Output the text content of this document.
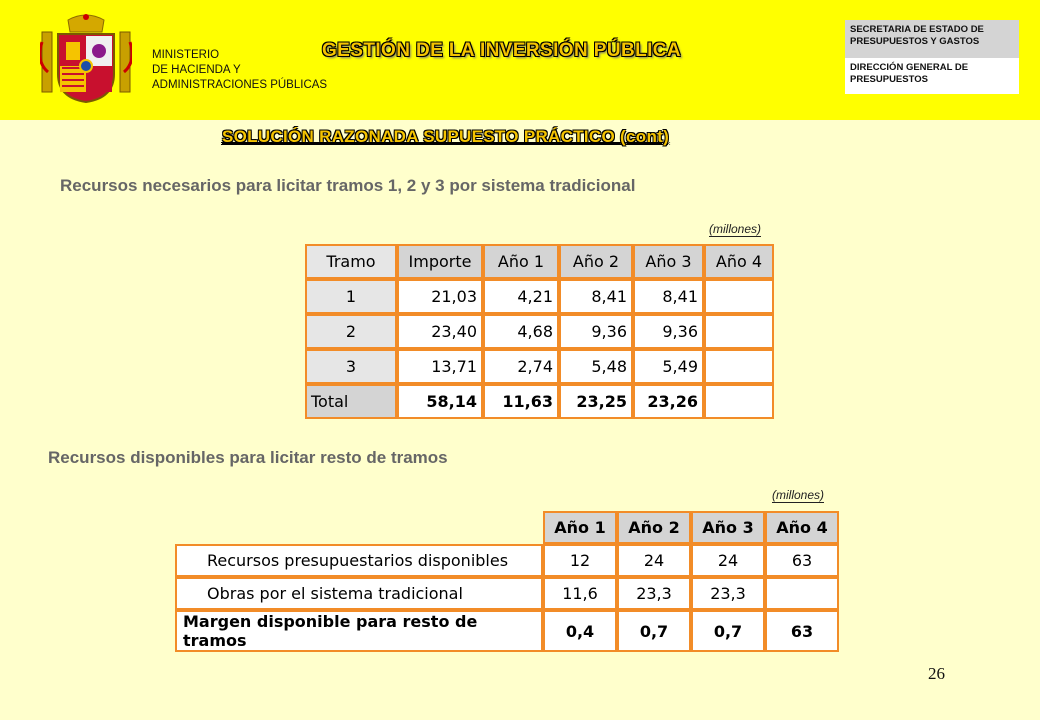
MINISTERIO
DE HACIENDA Y
ADMINISTRACIONES PÚBLICAS
GESTIÓN DE LA INVERSIÓN PÚBLICA
SECRETARIA DE ESTADO DE PRESUPUESTOS Y GASTOS
DIRECCIÓN GENERAL DE PRESUPUESTOS
SOLUCIÓN RAZONADA SUPUESTO PRÁCTICO (cont)
Recursos necesarios para licitar tramos 1, 2 y 3 por sistema tradicional
(millones)
Tramo	Importe	Año 1	Año 2	Año 3	Año 4
1	21,03	4,21	8,41	8,41	
2	23,40	4,68	9,36	9,36	
3	13,71	2,74	5,48	5,49	
Total	58,14	11,63	23,25	23,26	
Recursos disponibles para licitar resto de tramos
(millones)
	Año 1	Año 2	Año 3	Año 4
Recursos presupuestarios disponibles	12	24	24	63
Obras por el sistema tradicional	11,6	23,3	23,3	
Margen disponible para resto de tramos	0,4	0,7	0,7	63
26
